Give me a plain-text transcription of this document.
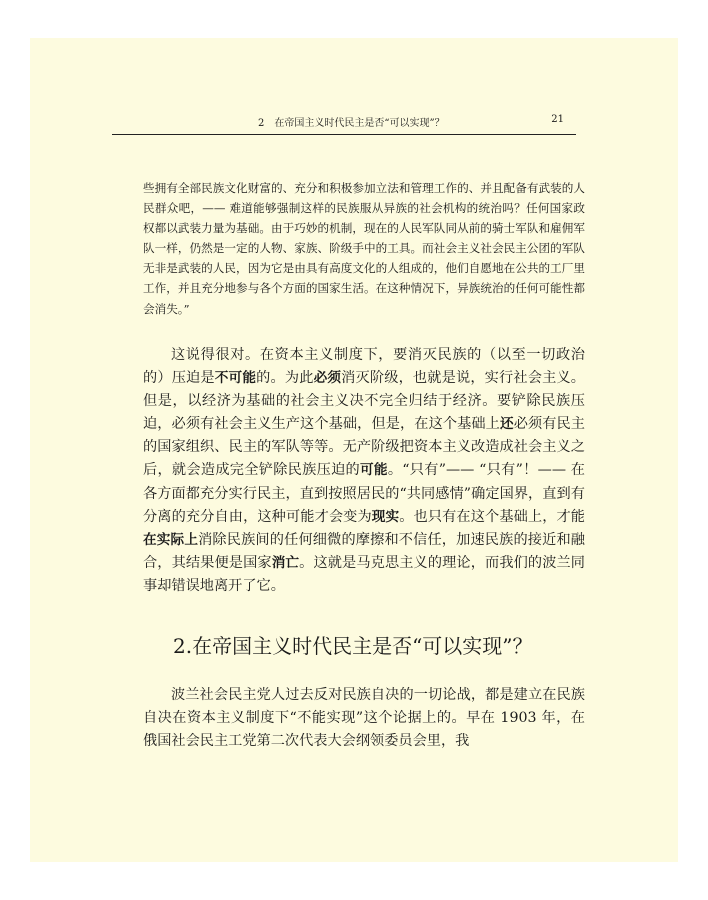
2　在帝国主义时代民主是否“可以实现”？	21

些拥有全部民族文化财富的、充分和积极参加立法和管理工作的、并且配备有武装的人民群众吧，—— 难道能够强制这样的民族服从异族的社会机构的统治吗？任何国家政权都以武装力量为基础。由于巧妙的机制，现在的人民军队同从前的骑士军队和雇佣军队一样，仍然是一定的人物、家族、阶级手中的工具。而社会主义社会民主公团的军队无非是武装的人民，因为它是由具有高度文化的人组成的，他们自愿地在公共的工厂里工作，并且充分地参与各个方面的国家生活。在这种情况下，异族统治的任何可能性都会消失。”

这说得很对。在资本主义制度下，要消灭民族的（以至一切政治的）压迫是不可能的。为此必须消灭阶级，也就是说，实行社会主义。但是，以经济为基础的社会主义决不完全归结于经济。要铲除民族压迫，必须有社会主义生产这个基础，但是，在这个基础上还必须有民主的国家组织、民主的军队等等。无产阶级把资本主义改造成社会主义之后，就会造成完全铲除民族压迫的可能。“只有”—— “只有”！—— 在各方面都充分实行民主，直到按照居民的“共同感情”确定国界，直到有分离的充分自由，这种可能才会变为现实。也只有在这个基础上，才能在实际上消除民族间的任何细微的摩擦和不信任，加速民族的接近和融合，其结果便是国家消亡。这就是马克思主义的理论，而我们的波兰同事却错误地离开了它。

2.在帝国主义时代民主是否“可以实现”？

波兰社会民主党人过去反对民族自决的一切论战，都是建立在民族自决在资本主义制度下“不能实现”这个论据上的。早在 1903 年，在俄国社会民主工党第二次代表大会纲领委员会里，我
